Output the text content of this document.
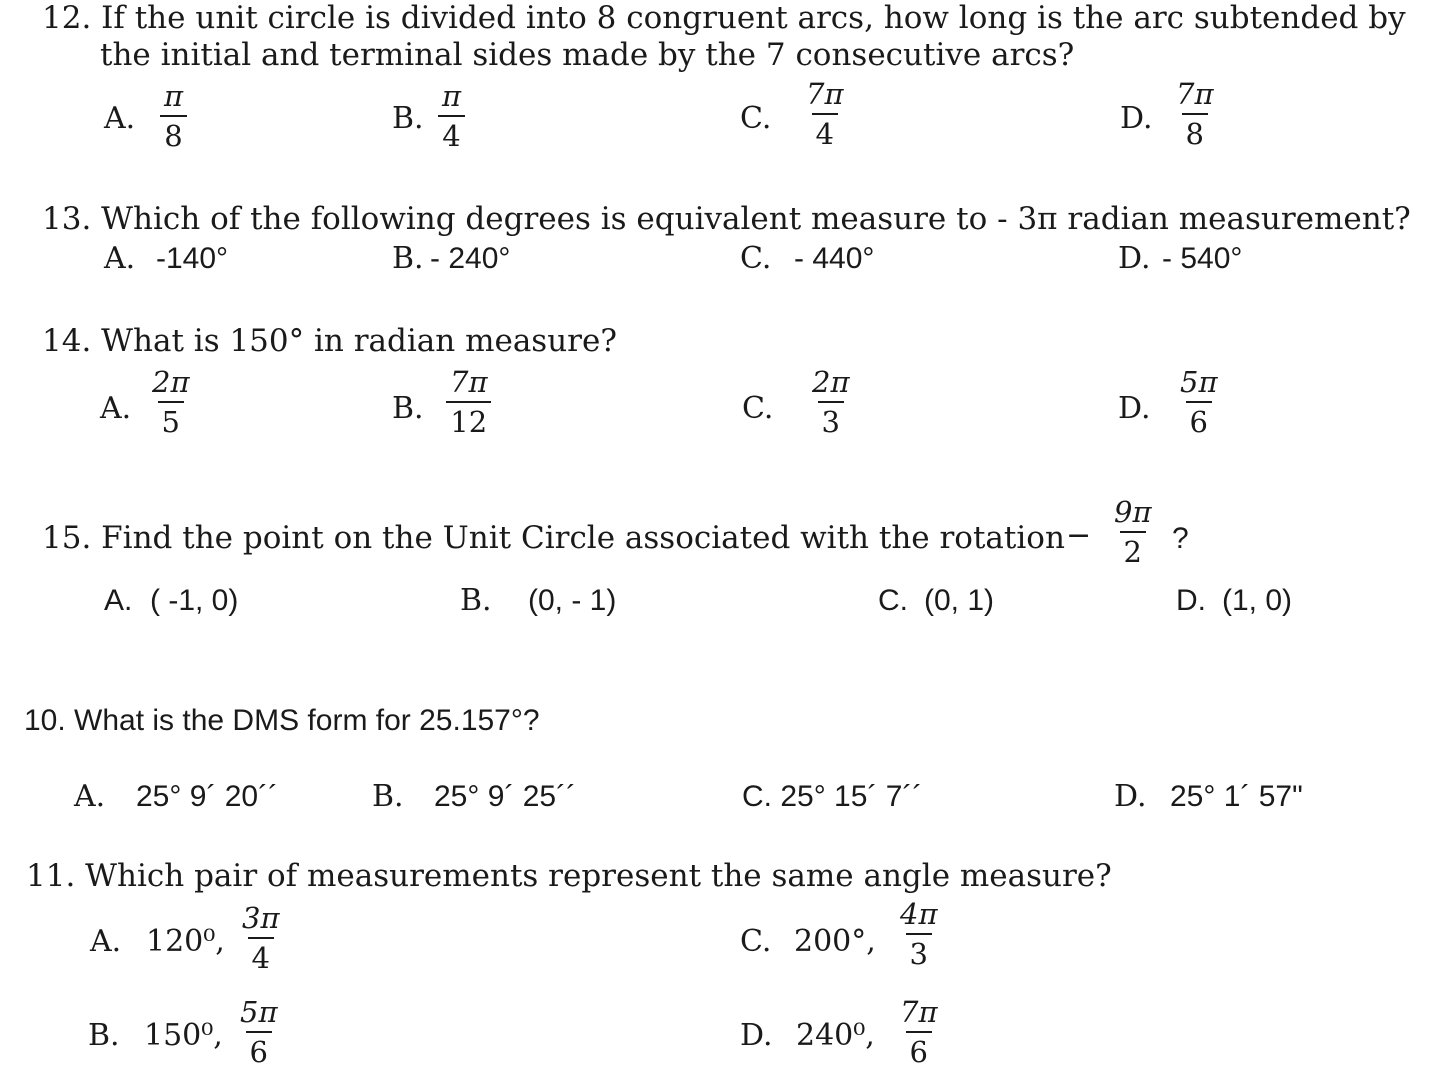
12. If the unit circle is divided into 8 congruent arcs, how long is the arc subtended by
the initial and terminal sides made by the 7 consecutive arcs?
A. $\frac{\pi}{8}$	B. $\frac{\pi}{4}$	C. $\frac{7\pi}{4}$	D. $\frac{7\pi}{8}$
13. Which of the following degrees is equivalent measure to - 3π radian measurement?
A. -140°	B. - 240°	C. - 440°	D. - 540°
14. What is 150° in radian measure?
A. $\frac{2\pi}{5}$	B. $\frac{7\pi}{12}$	C. $\frac{2\pi}{3}$	D. $\frac{5\pi}{6}$
15. Find the point on the Unit Circle associated with the rotation − $\frac{9\pi}{2}$ ?
A. ( -1, 0)	B. (0, - 1)	C. (0, 1)	D. (1, 0)
10. What is the DMS form for 25.157°?
A. 25° 9´ 20´´	B. 25° 9´ 25´´	C. 25° 15´ 7´´	D. 25° 1´ 57"
11. Which pair of measurements represent the same angle measure?
A. 120⁰, $\frac{3\pi}{4}$	C. 200°, $\frac{4\pi}{3}$
B. 150⁰, $\frac{5\pi}{6}$	D. 240⁰, $\frac{7\pi}{6}$
